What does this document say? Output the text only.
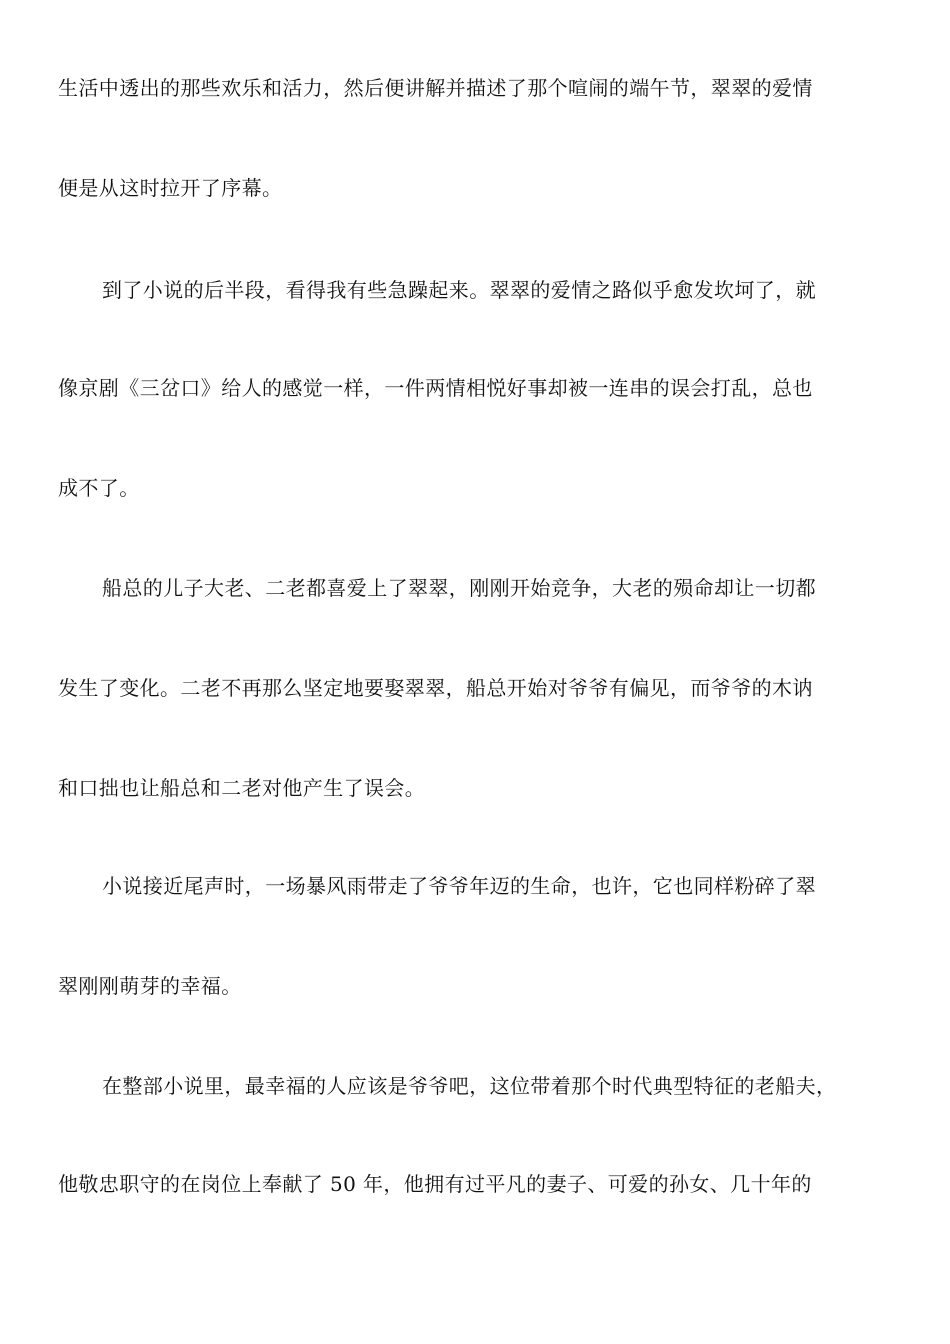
生活中透出的那些欢乐和活力，然后便讲解并描述了那个喧闹的端午节，翠翠的爱情

便是从这时拉开了序幕。

到了小说的后半段，看得我有些急躁起来。翠翠的爱情之路似乎愈发坎坷了，就

像京剧《三岔口》给人的感觉一样，一件两情相悦好事却被一连串的误会打乱，总也

成不了。

船总的儿子大老、二老都喜爱上了翠翠，刚刚开始竞争，大老的殒命却让一切都

发生了变化。二老不再那么坚定地要娶翠翠，船总开始对爷爷有偏见，而爷爷的木讷

和口拙也让船总和二老对他产生了误会。

小说接近尾声时，一场暴风雨带走了爷爷年迈的生命，也许，它也同样粉碎了翠

翠刚刚萌芽的幸福。

在整部小说里，最幸福的人应该是爷爷吧，这位带着那个时代典型特征的老船夫，

他敬忠职守的在岗位上奉献了 50 年，他拥有过平凡的妻子、可爱的孙女、几十年的
